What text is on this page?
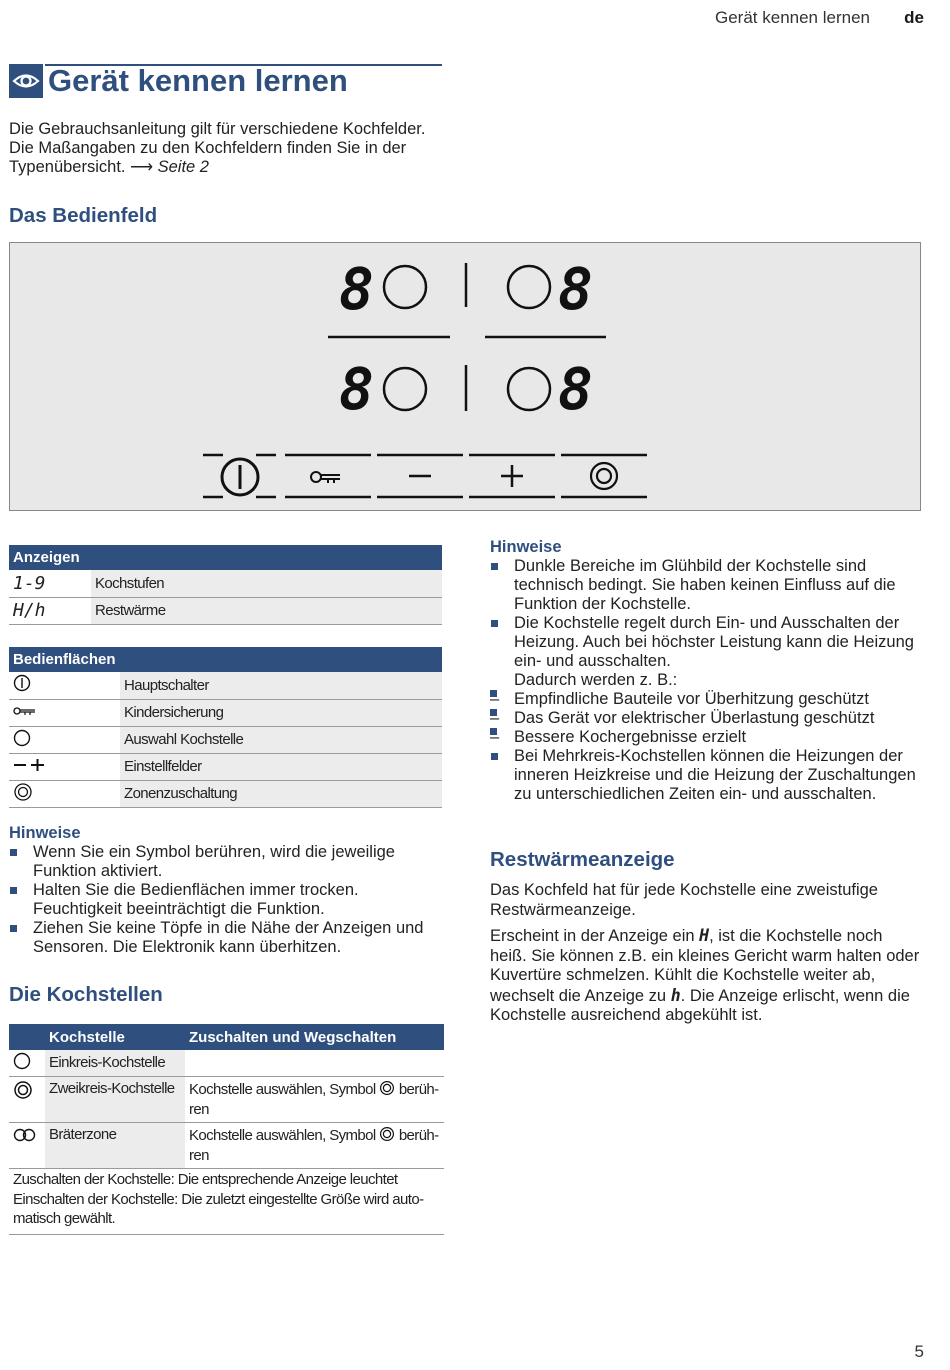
Gerät kennen lernen de
Gerät kennen lernen
Die Gebrauchsanleitung gilt für verschiedene Kochfelder. Die Maßangaben zu den Kochfeldern finden Sie in der Typenübersicht. ⟶ Seite 2
Das Bedienfeld
8	8
8	8
Anzeigen	
1-9	Kochstufen
H/h	Restwärme
Bedienflächen	
	Hauptschalter
	Kindersicherung
	Auswahl Kochstelle
	Einstellfelder
	Zonenzuschaltung
Hinweise
Wenn Sie ein Symbol berühren, wird die jeweilige Funktion aktiviert.
Halten Sie die Bedienflächen immer trocken. Feuchtigkeit beeinträchtigt die Funktion.
Ziehen Sie keine Töpfe in die Nähe der Anzeigen und Sensoren. Die Elektronik kann überhitzen.
Die Kochstellen
	Kochstelle	Zuschalten und Wegschalten
	Einkreis-Kochstelle	
	Zweikreis-Kochstelle	Kochstelle auswählen, Symbol berüh-
ren
	Bräterzone	Kochstelle auswählen, Symbol berüh-
ren
Zuschalten der Kochstelle: Die entsprechende Anzeige leuchtet		
Einschalten der Kochstelle: Die zuletzt eingestellte Größe wird auto-
matisch gewählt.		
Hinweise
Dunkle Bereiche im Glühbild der Kochstelle sind technisch bedingt. Sie haben keinen Einfluss auf die Funktion der Kochstelle.
Die Kochstelle regelt durch Ein- und Ausschalten der Heizung. Auch bei höchster Leistung kann die Heizung ein- und ausschalten.
Dadurch werden z. B.:
– Empfindliche Bauteile vor Überhitzung geschützt
– Das Gerät vor elektrischer Überlastung geschützt
– Bessere Kochergebnisse erzielt
Bei Mehrkreis-Kochstellen können die Heizungen der inneren Heizkreise und die Heizung der Zuschaltungen zu unterschiedlichen Zeiten ein- und ausschalten.
Restwärmeanzeige
Das Kochfeld hat für jede Kochstelle eine zweistufige Restwärmeanzeige.
Erscheint in der Anzeige ein H, ist die Kochstelle noch heiß. Sie können z.B. ein kleines Gericht warm halten oder Kuvertüre schmelzen. Kühlt die Kochstelle weiter ab, wechselt die Anzeige zu h. Die Anzeige erlischt, wenn die Kochstelle ausreichend abgekühlt ist.
5
